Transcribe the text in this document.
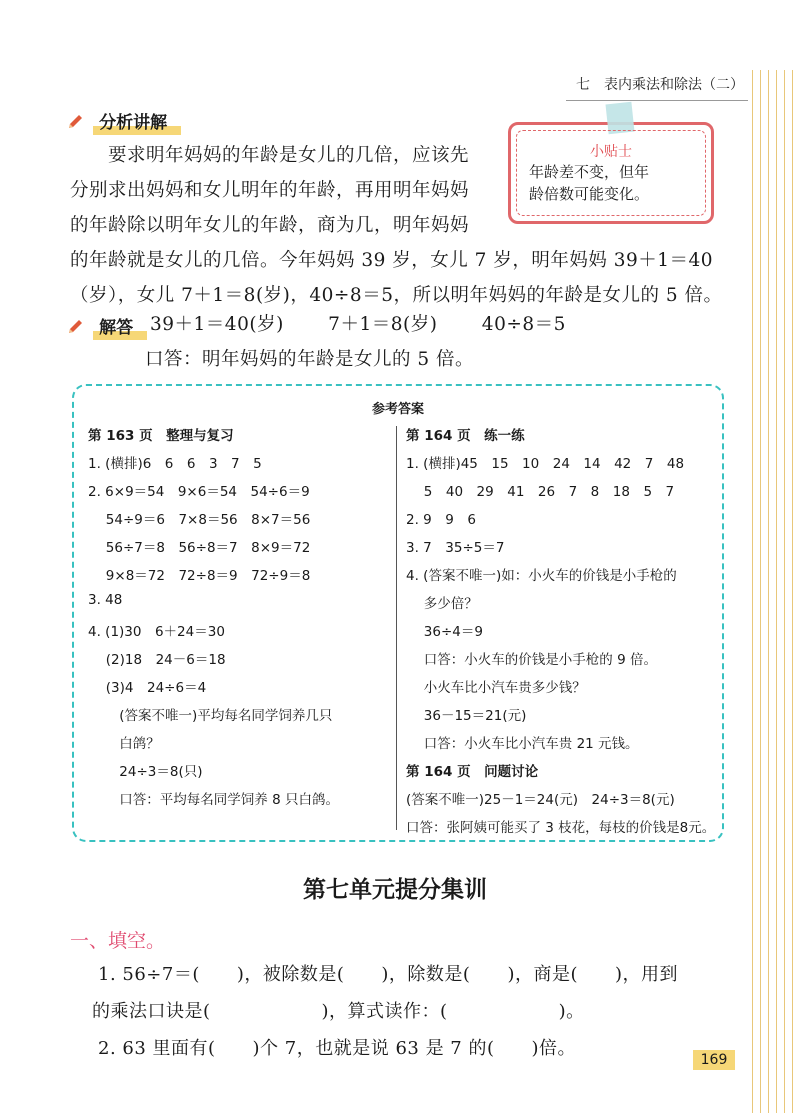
七　表内乘法和除法（二）
分析讲解
　　要求明年妈妈的年龄是女儿的几倍，应该先
分别求出妈妈和女儿明年的年龄，再用明年妈妈
的年龄除以明年女儿的年龄，商为几，明年妈妈
的年龄就是女儿的几倍。今年妈妈 39 岁，女儿 7 岁，明年妈妈 39＋1＝40
（岁），女儿 7＋1＝8(岁)，40÷8＝5，所以明年妈妈的年龄是女儿的 5 倍。
小贴士
年龄差不变，但年
龄倍数可能变化。
解答 39＋1＝40(岁)　　 7＋1＝8(岁)　　 40÷8＝5
口答：明年妈妈的年龄是女儿的 5 倍。
参考答案
第 163 页　整理与复习
1. (横排)6　6　6　3　7　5
2. 6×9＝54　9×6＝54　54÷6＝9
　 54÷9＝6　7×8＝56　8×7＝56
　 56÷7＝8　56÷8＝7　8×9＝72
　 9×8＝72　72÷8＝9　72÷9＝8
3. 48
4. (1)30　6＋24＝30
　 (2)18　24－6＝18
　 (3)4　24÷6＝4
　　 (答案不唯一)平均每名同学饲养几只
　　 白鸽？
　　 24÷3＝8(只)
　　 口答：平均每名同学饲养 8 只白鸽。
第 164 页　练一练
1. (横排)45　15　10　24　14　42　7　48
　 5　40　29　41　26　7　8　18　5　7
2. 9　9　6
3. 7　35÷5＝7
4. (答案不唯一)如：小火车的价钱是小手枪的
　 多少倍？
　 36÷4＝9
　 口答：小火车的价钱是小手枪的 9 倍。
　 小火车比小汽车贵多少钱？
　 36－15＝21(元)
　 口答：小火车比小汽车贵 21 元钱。
第 164 页　问题讨论
(答案不唯一)25－1＝24(元)　24÷3＝8(元)
口答：张阿姨可能买了 3 枝花，每枝的价钱是8元。
第七单元提分集训
一、填空。
1. 56÷7＝(　　)，被除数是(　　)，除数是(　　)，商是(　　)，用到
的乘法口诀是(　　　　　　)，算式读作：(　　　　　　)。
2. 63 里面有(　　)个 7，也就是说 63 是 7 的(　　)倍。
169
